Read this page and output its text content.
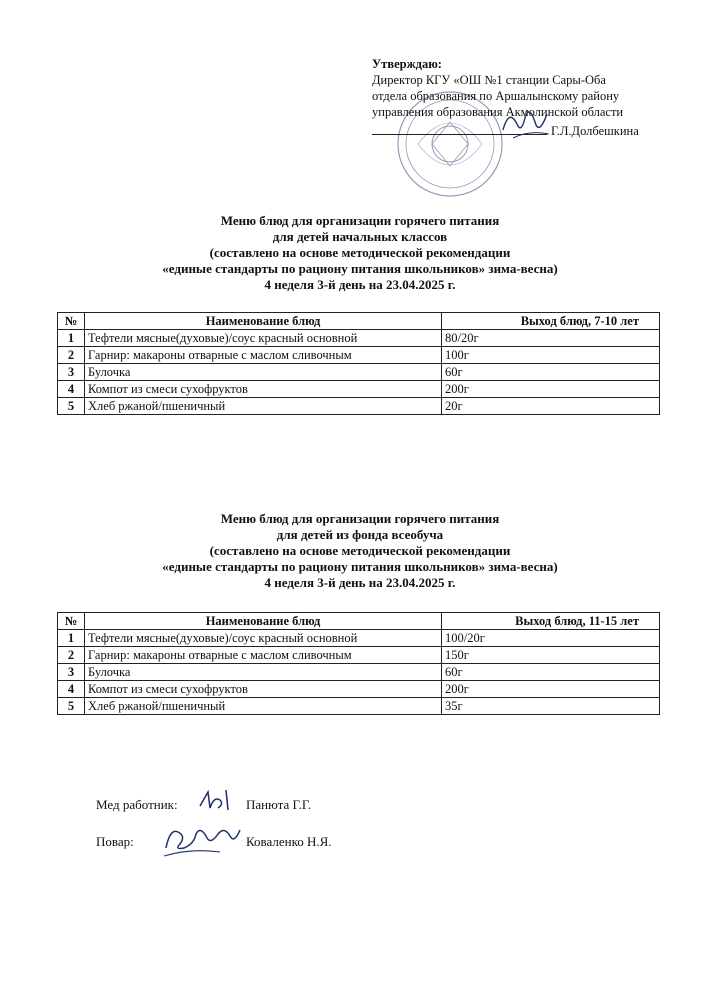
Утверждаю:
Директор КГУ «ОШ №1 станции Сары-Оба
отдела образования по Аршалынскому району
управления образования Акмолинской области
Г.Л.Долбешкина
Меню блюд для организации горячего питания
для детей начальных классов
(составлено на основе методической рекомендации
«единые стандарты по рациону питания школьников» зима-весна)
4 неделя 3-й день на 23.04.2025 г.
№	Наименование блюд	Выход блюд, 7-10 лет
1	Тефтели мясные(духовые)/соус красный основной	80/20г
2	Гарнир: макароны отварные с маслом сливочным	100г
3	Булочка	60г
4	Компот из смеси сухофруктов	200г
5	Хлеб ржаной/пшеничный	20г
Меню блюд для организации горячего питания
для детей из фонда всеобуча
(составлено на основе методической рекомендации
«единые стандарты по рациону питания школьников» зима-весна)
4 неделя 3-й день на 23.04.2025 г.
№	Наименование блюд	Выход блюд, 11-15 лет
1	Тефтели мясные(духовые)/соус красный основной	100/20г
2	Гарнир: макароны отварные с маслом сливочным	150г
3	Булочка	60г
4	Компот из смеси сухофруктов	200г
5	Хлеб ржаной/пшеничный	35г
Мед работник:	Панюта Г.Г.
Повар:	Коваленко Н.Я.
